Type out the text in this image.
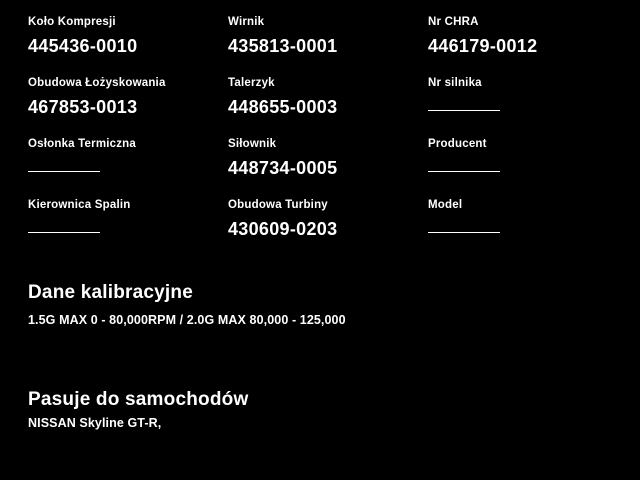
Koło Kompresji
445436-0010
Wirnik
435813-0001
Nr CHRA
446179-0012
Obudowa Łożyskowania
467853-0013
Talerzyk
448655-0003
Nr silnika
Osłonka Termiczna	Siłownik
448734-0005
Producent
Kierownica Spalin	Obudowa Turbiny
430609-0203
Model
Dane kalibracyjne
1.5G MAX 0 - 80,000RPM / 2.0G MAX 80,000 - 125,000
Pasuje do samochodów
NISSAN Skyline GT-R,
